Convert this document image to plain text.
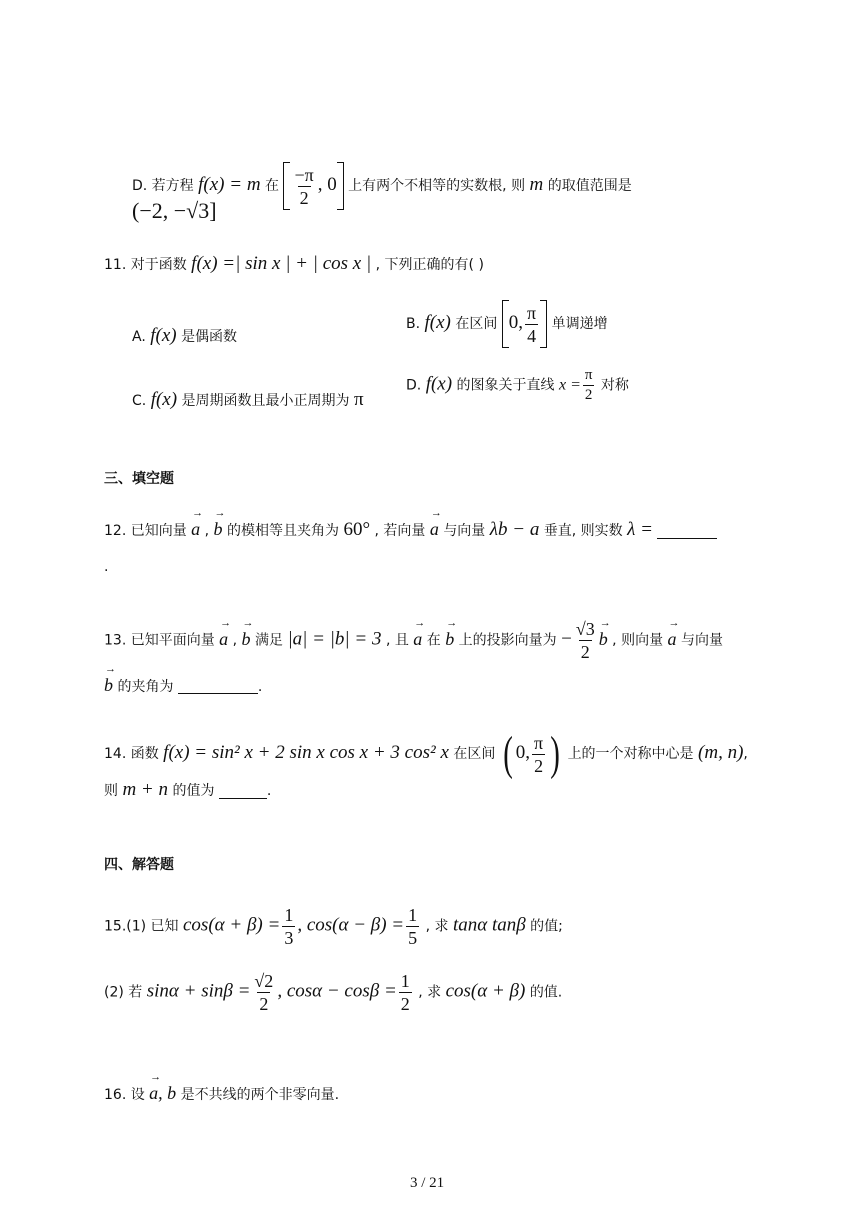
D. 若方程 f(x) = m 在 $\frac{-\pi}{2}$ , 0 上有两个不相等的实数根, 则 m 的取值范围是
(−2, −√3]
11. 对于函数 f(x) =| sin x | + | cos x | , 下列正确的有( )
A. f(x) 是偶函数
B. f(x) 在区间 0, $\frac{\pi}{4}$ 单调递增
C. f(x) 是周期函数且最小正周期为 π
D. f(x) 的图象关于直线 $x = \frac{\pi}{2}$ 对称
三、填空题
12. 已知向量 → a , → b 的模相等且夹角为 60° , 若向量 → a 与向量 λb − a 垂直, 则实数 λ =
.
13. 已知平面向量 → a , → b 满足 |a| = |b| = 3 , 且 → a 在 → b 上的投影向量为 − $\frac{√3}{2}$
→ b , 则向量 → a 与向量
→ b 的夹角为	.
14. 函数 f(x) = sin² x + 2 sin x cos x + 3 cos² x 在区间 ( 0, $\frac{\pi}{2}$ ) 上的一个对称中心是 (m, n),
则 m + n 的值为	.
四、解答题
15.(1) 已知 $\cos(\alpha + \beta) = \frac{1}{3}$ , $\cos(\alpha - \beta) = \frac{1}{5}$ , 求 tanα tanβ 的值;
(2) 若 $\sin\alpha + \sin\beta = \frac{√2}{2}$ , $\cos\alpha - \cos\beta = \frac{1}{2}$ , 求 cos(α + β) 的值.
16. 设 → a, b 是不共线的两个非零向量.
3 / 21
